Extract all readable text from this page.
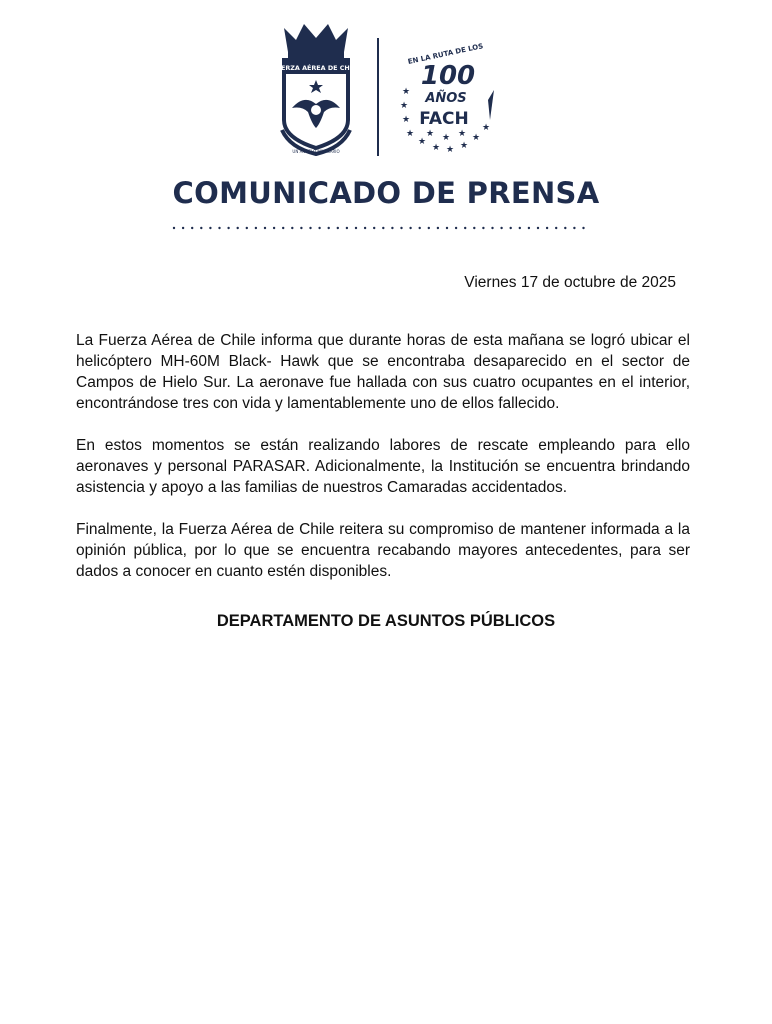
FUERZA AÉREA DE CHILE
UN ANHELO MILENARIO
EN LA RUTA DE LOS
100
AÑOS
FACH
★
★
★
★
★
★ ★ ★
★
★
★ ★ ★
COMUNICADO DE PRENSA
Viernes 17 de octubre de 2025

La Fuerza Aérea de Chile informa que durante horas de esta mañana se logró ubicar el helicóptero MH-60M Black- Hawk que se encontraba desaparecido en el sector de Campos de Hielo Sur. La aeronave fue hallada con sus cuatro ocupantes en el interior, encontrándose tres con vida y lamentablemente uno de ellos fallecido.

En estos momentos se están realizando labores de rescate empleando para ello aeronaves y personal PARASAR. Adicionalmente, la Institución se encuentra brindando asistencia y apoyo a las familias de nuestros Camaradas accidentados.

Finalmente, la Fuerza Aérea de Chile reitera su compromiso de mantener informada a la opinión pública, por lo que se encuentra recabando mayores antecedentes, para ser dados a conocer en cuanto estén disponibles.

DEPARTAMENTO DE ASUNTOS PÚBLICOS
